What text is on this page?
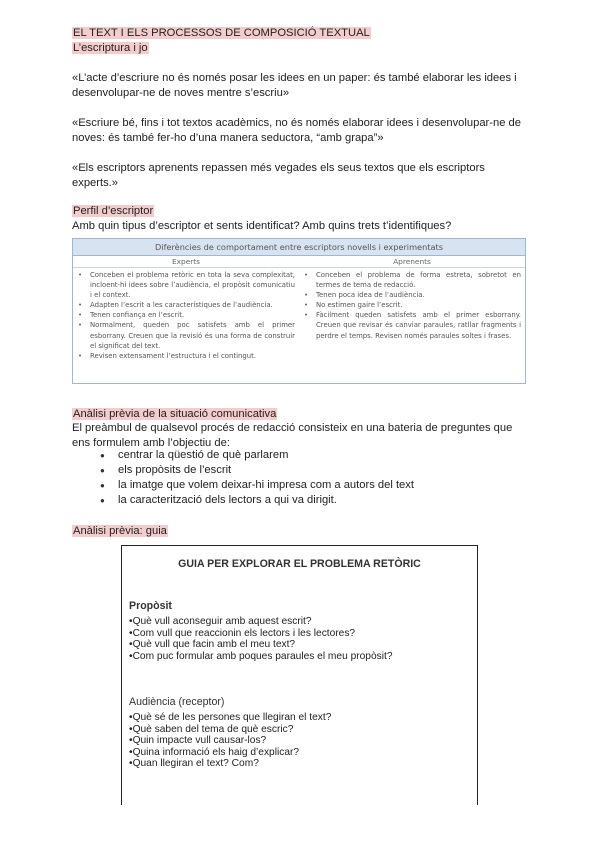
EL TEXT I ELS PROCESSOS DE COMPOSICIÓ TEXTUAL
L’escriptura i jo
«L’acte d’escriure no és només posar les idees en un paper: és també elaborar les idees i desenvolupar-ne de noves mentre s’escriu»
«Escriure bé, fins i tot textos acadèmics, no és només elaborar idees i desenvolupar-ne de noves: és també fer-ho d’una manera seductora, “amb grapa”»
«Els escriptors aprenents repassen més vegades els seus textos que els escriptors experts.»
Perfil d’escriptor
Amb quin tipus d’escriptor et sents identificat? Amb quins trets t’identifiques?
Diferències de comportament entre escriptors novells i experimentats
Experts	Aprenents
• Conceben el problema retòric en tota la seva complexitat, incloent-hi idees sobre l’audiència, el propòsit comunicatiu i el context.
• Adapten l’escrit a les característiques de l’audiència.
• Tenen confiança en l’escrit.
• Normalment, queden poc satisfets amb el primer esborrany. Creuen que la revisió és una forma de construir el significat del text.
• Revisen extensament l’estructura i el contingut.
• Conceben el problema de forma estreta, sobretot en termes de tema de redacció.
• Tenen poca idea de l’audiència.
• No estimen gaire l’escrit.
• Fàcilment queden satisfets amb el primer esborrany. Creuen que revisar és canviar paraules, ratllar fragments i perdre el temps. Revisen només paraules soltes i frases.
Anàlisi prèvia de la situació comunicativa
El preàmbul de qualsevol procés de redacció consisteix en una bateria de preguntes que ens formulem amb l’objectiu de:
● centrar la qüestió de què parlarem
● els propòsits de l’escrit
● la imatge que volem deixar-hi impresa com a autors del text
● la caracterització dels lectors a qui va dirigit.
Anàlisi prèvia: guia
GUIA PER EXPLORAR EL PROBLEMA RETÒRIC
Propòsit
• Què vull aconseguir amb aquest escrit?
• Com vull que reaccionin els lectors i les lectores?
• Què vull que facin amb el meu text?
• Com puc formular amb poques paraules el meu propòsit?
Audiència (receptor)
• Què sé de les persones que llegiran el text?
• Què saben del tema de què escric?
• Quin impacte vull causar-los?
• Quina informació els haig d’explicar?
• Quan llegiran el text? Com?
